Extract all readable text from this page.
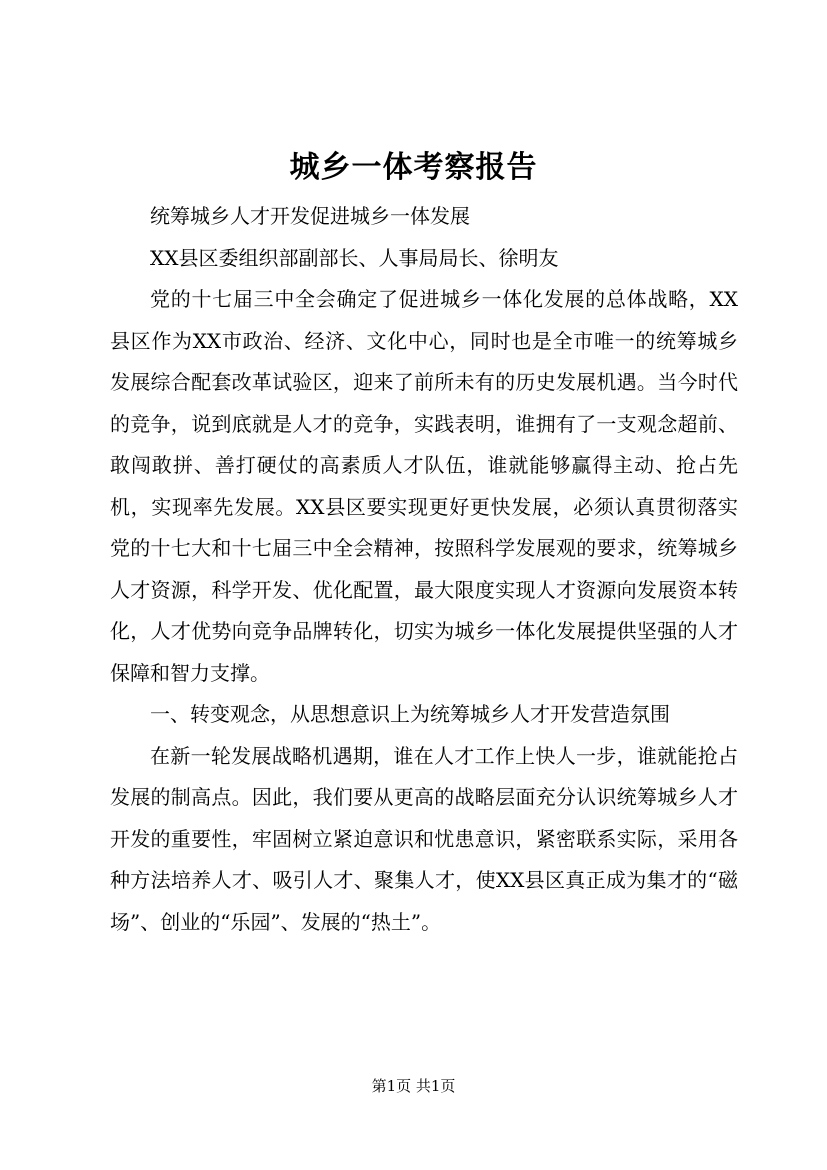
城乡一体考察报告

统筹城乡人才开发促进城乡一体发展

XX县区委组织部副部长、人事局局长、徐明友

党的十七届三中全会确定了促进城乡一体化发展的总体战略，XX县区作为XX市政治、经济、文化中心，同时也是全市唯一的统筹城乡发展综合配套改革试验区，迎来了前所未有的历史发展机遇。当今时代的竞争，说到底就是人才的竞争，实践表明，谁拥有了一支观念超前、敢闯敢拼、善打硬仗的高素质人才队伍，谁就能够赢得主动、抢占先机，实现率先发展。XX县区要实现更好更快发展，必须认真贯彻落实党的十七大和十七届三中全会精神，按照科学发展观的要求，统筹城乡人才资源，科学开发、优化配置，最大限度实现人才资源向发展资本转化，人才优势向竞争品牌转化，切实为城乡一体化发展提供坚强的人才保障和智力支撑。

一、转变观念，从思想意识上为统筹城乡人才开发营造氛围

在新一轮发展战略机遇期，谁在人才工作上快人一步，谁就能抢占发展的制高点。因此，我们要从更高的战略层面充分认识统筹城乡人才开发的重要性，牢固树立紧迫意识和忧患意识，紧密联系实际，采用各种方法培养人才、吸引人才、聚集人才，使XX县区真正成为集才的“磁场”、创业的“乐园”、发展的“热土”。

第1页 共1页
